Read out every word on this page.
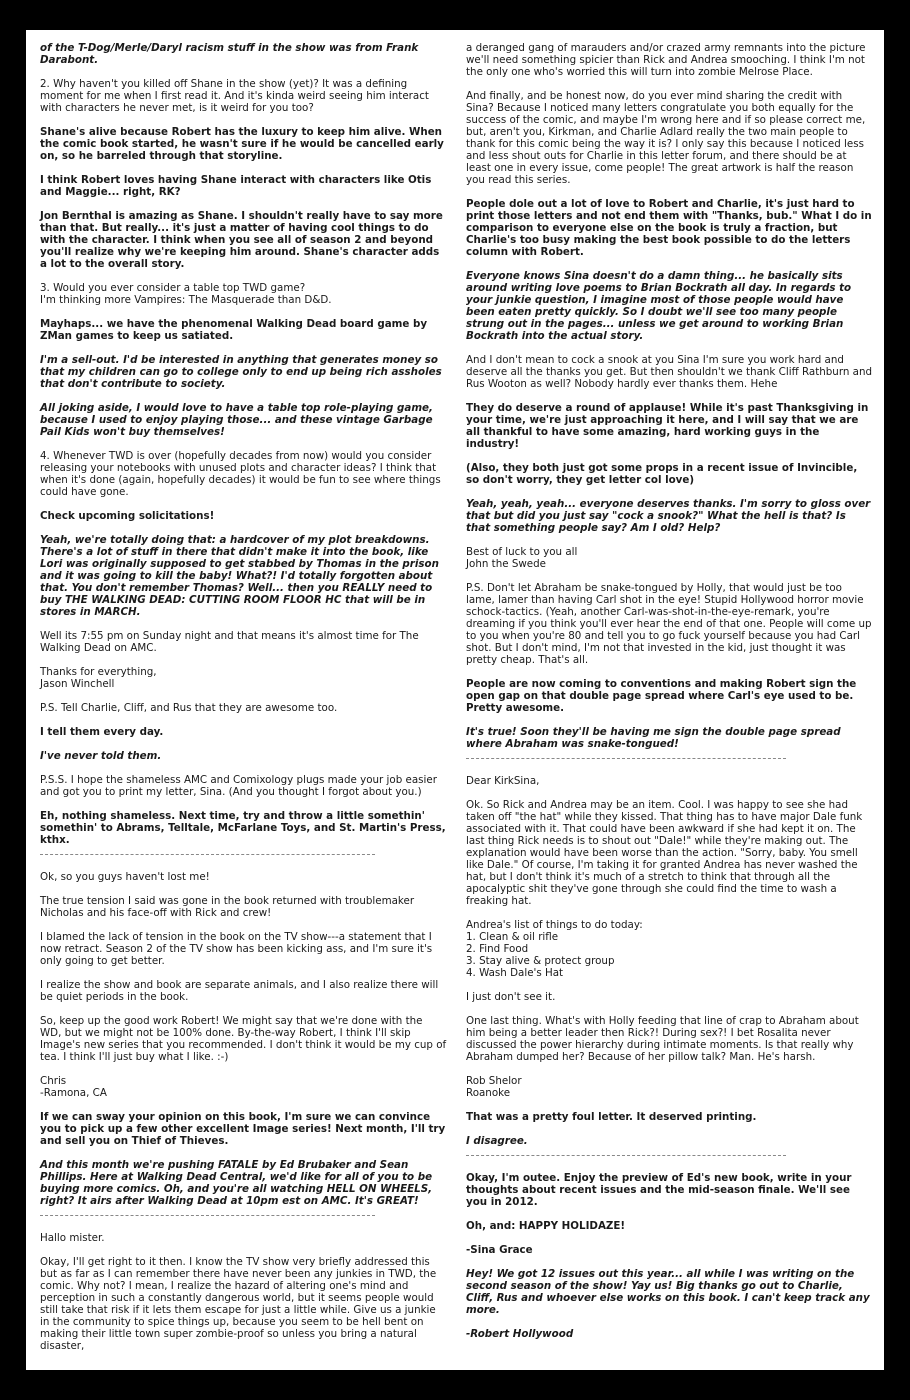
of the T-Dog/Merle/Daryl racism stuff in the show was from Frank Darabont.
2. Why haven't you killed off Shane in the show (yet)? It was a defining moment for me when I first read it. And it's kinda weird seeing him interact with characters he never met, is it weird for you too?
Shane's alive because Robert has the luxury to keep him alive. When the comic book started, he wasn't sure if he would be cancelled early on, so he barreled through that storyline.
I think Robert loves having Shane interact with characters like Otis and Maggie... right, RK?
Jon Bernthal is amazing as Shane. I shouldn't really have to say more than that. But really... it's just a matter of having cool things to do with the character. I think when you see all of season 2 and beyond you'll realize why we're keeping him around. Shane's character adds a lot to the overall story.
3. Would you ever consider a table top TWD game?
I'm thinking more Vampires: The Masquerade than D&D.
Mayhaps... we have the phenomenal Walking Dead board game by ZMan games to keep us satiated.
I'm a sell-out. I'd be interested in anything that generates money so that my children can go to college only to end up being rich assholes that don't contribute to society.
All joking aside, I would love to have a table top role-playing game, because I used to enjoy playing those... and these vintage Garbage Pail Kids won't buy themselves!
4. Whenever TWD is over (hopefully decades from now) would you consider releasing your notebooks with unused plots and character ideas? I think that when it's done (again, hopefully decades) it would be fun to see where things could have gone.
Check upcoming solicitations!
Yeah, we're totally doing that: a hardcover of my plot breakdowns. There's a lot of stuff in there that didn't make it into the book, like Lori was originally supposed to get stabbed by Thomas in the prison and it was going to kill the baby! What?! I'd totally forgotten about that. You don't remember Thomas? Well... then you REALLY need to buy THE WALKING DEAD: CUTTING ROOM FLOOR HC that will be in stores in MARCH.
Well its 7:55 pm on Sunday night and that means it's almost time for The Walking Dead on AMC.
Thanks for everything,
Jason Winchell
P.S. Tell Charlie, Cliff, and Rus that they are awesome too.
I tell them every day.
I've never told them.
P.S.S. I hope the shameless AMC and Comixology plugs made your job easier and got you to print my letter, Sina. (And you thought I forgot about you.)
Eh, nothing shameless. Next time, try and throw a little somethin' somethin' to Abrams, Telltale, McFarlane Toys, and St. Martin's Press, kthx.
Ok, so you guys haven't lost me!
The true tension I said was gone in the book returned with troublemaker Nicholas and his face-off with Rick and crew!
I blamed the lack of tension in the book on the TV show---a statement that I now retract. Season 2 of the TV show has been kicking ass, and I'm sure it's only going to get better.
I realize the show and book are separate animals, and I also realize there will be quiet periods in the book.
So, keep up the good work Robert! We might say that we're done with the WD, but we might not be 100% done. By-the-way Robert, I think I'll skip Image's new series that you recommended. I don't think it would be my cup of tea. I think I'll just buy what I like. :-)
Chris
-Ramona, CA
If we can sway your opinion on this book, I'm sure we can convince you to pick up a few other excellent Image series! Next month, I'll try and sell you on Thief of Thieves.
And this month we're pushing FATALE by Ed Brubaker and Sean Phillips. Here at Walking Dead Central, we'd like for all of you to be buying more comics. Oh, and you're all watching HELL ON WHEELS, right? It airs after Walking Dead at 10pm est on AMC. It's GREAT!
Hallo mister.
Okay, I'll get right to it then. I know the TV show very briefly addressed this but as far as I can remember there have never been any junkies in TWD, the comic. Why not? I mean, I realize the hazard of altering one's mind and perception in such a constantly dangerous world, but it seems people would still take that risk if it lets them escape for just a little while. Give us a junkie in the community to spice things up, because you seem to be hell bent on making their little town super zombie-proof so unless you bring a natural disaster,
a deranged gang of marauders and/or crazed army remnants into the picture we'll need something spicier than Rick and Andrea smooching. I think I'm not the only one who's worried this will turn into zombie Melrose Place.
And finally, and be honest now, do you ever mind sharing the credit with Sina? Because I noticed many letters congratulate you both equally for the success of the comic, and maybe I'm wrong here and if so please correct me, but, aren't you, Kirkman, and Charlie Adlard really the two main people to thank for this comic being the way it is? I only say this because I noticed less and less shout outs for Charlie in this letter forum, and there should be at least one in every issue, come people! The great artwork is half the reason you read this series.
People dole out a lot of love to Robert and Charlie, it's just hard to print those letters and not end them with "Thanks, bub." What I do in comparison to everyone else on the book is truly a fraction, but Charlie's too busy making the best book possible to do the letters column with Robert.
Everyone knows Sina doesn't do a damn thing... he basically sits around writing love poems to Brian Bockrath all day. In regards to your junkie question, I imagine most of those people would have been eaten pretty quickly. So I doubt we'll see too many people strung out in the pages... unless we get around to working Brian Bockrath into the actual story.
And I don't mean to cock a snook at you Sina I'm sure you work hard and deserve all the thanks you get. But then shouldn't we thank Cliff Rathburn and Rus Wooton as well? Nobody hardly ever thanks them. Hehe
They do deserve a round of applause! While it's past Thanksgiving in your time, we're just approaching it here, and I will say that we are all thankful to have some amazing, hard working guys in the industry!
(Also, they both just got some props in a recent issue of Invincible, so don't worry, they get letter col love)
Yeah, yeah, yeah... everyone deserves thanks. I'm sorry to gloss over that but did you just say "cock a snook?" What the hell is that? Is that something people say? Am I old? Help?
Best of luck to you all
John the Swede
P.S. Don't let Abraham be snake-tongued by Holly, that would just be too lame, lamer than having Carl shot in the eye! Stupid Hollywood horror movie schock-tactics. (Yeah, another Carl-was-shot-in-the-eye-remark, you're dreaming if you think you'll ever hear the end of that one. People will come up to you when you're 80 and tell you to go fuck yourself because you had Carl shot. But I don't mind, I'm not that invested in the kid, just thought it was pretty cheap. That's all.
People are now coming to conventions and making Robert sign the open gap on that double page spread where Carl's eye used to be. Pretty awesome.
It's true! Soon they'll be having me sign the double page spread where Abraham was snake-tongued!
Dear KirkSina,
Ok. So Rick and Andrea may be an item. Cool. I was happy to see she had taken off "the hat" while they kissed. That thing has to have major Dale funk associated with it. That could have been awkward if she had kept it on. The last thing Rick needs is to shout out "Dale!" while they're making out. The explanation would have been worse than the action. "Sorry, baby. You smell like Dale." Of course, I'm taking it for granted Andrea has never washed the hat, but I don't think it's much of a stretch to think that through all the apocalyptic shit they've gone through she could find the time to wash a freaking hat.
Andrea's list of things to do today:
1. Clean & oil rifle
2. Find Food
3. Stay alive & protect group
4. Wash Dale's Hat
I just don't see it.
One last thing. What's with Holly feeding that line of crap to Abraham about him being a better leader then Rick?! During sex?! I bet Rosalita never discussed the power hierarchy during intimate moments. Is that really why Abraham dumped her? Because of her pillow talk? Man. He's harsh.
Rob Shelor
Roanoke
That was a pretty foul letter. It deserved printing.
I disagree.
Okay, I'm outee. Enjoy the preview of Ed's new book, write in your thoughts about recent issues and the mid-season finale. We'll see you in 2012.
Oh, and: HAPPY HOLIDAZE!
-Sina Grace
Hey! We got 12 issues out this year... all while I was writing on the second season of the show! Yay us! Big thanks go out to Charlie, Cliff, Rus and whoever else works on this book. I can't keep track any more.
-Robert Hollywood
